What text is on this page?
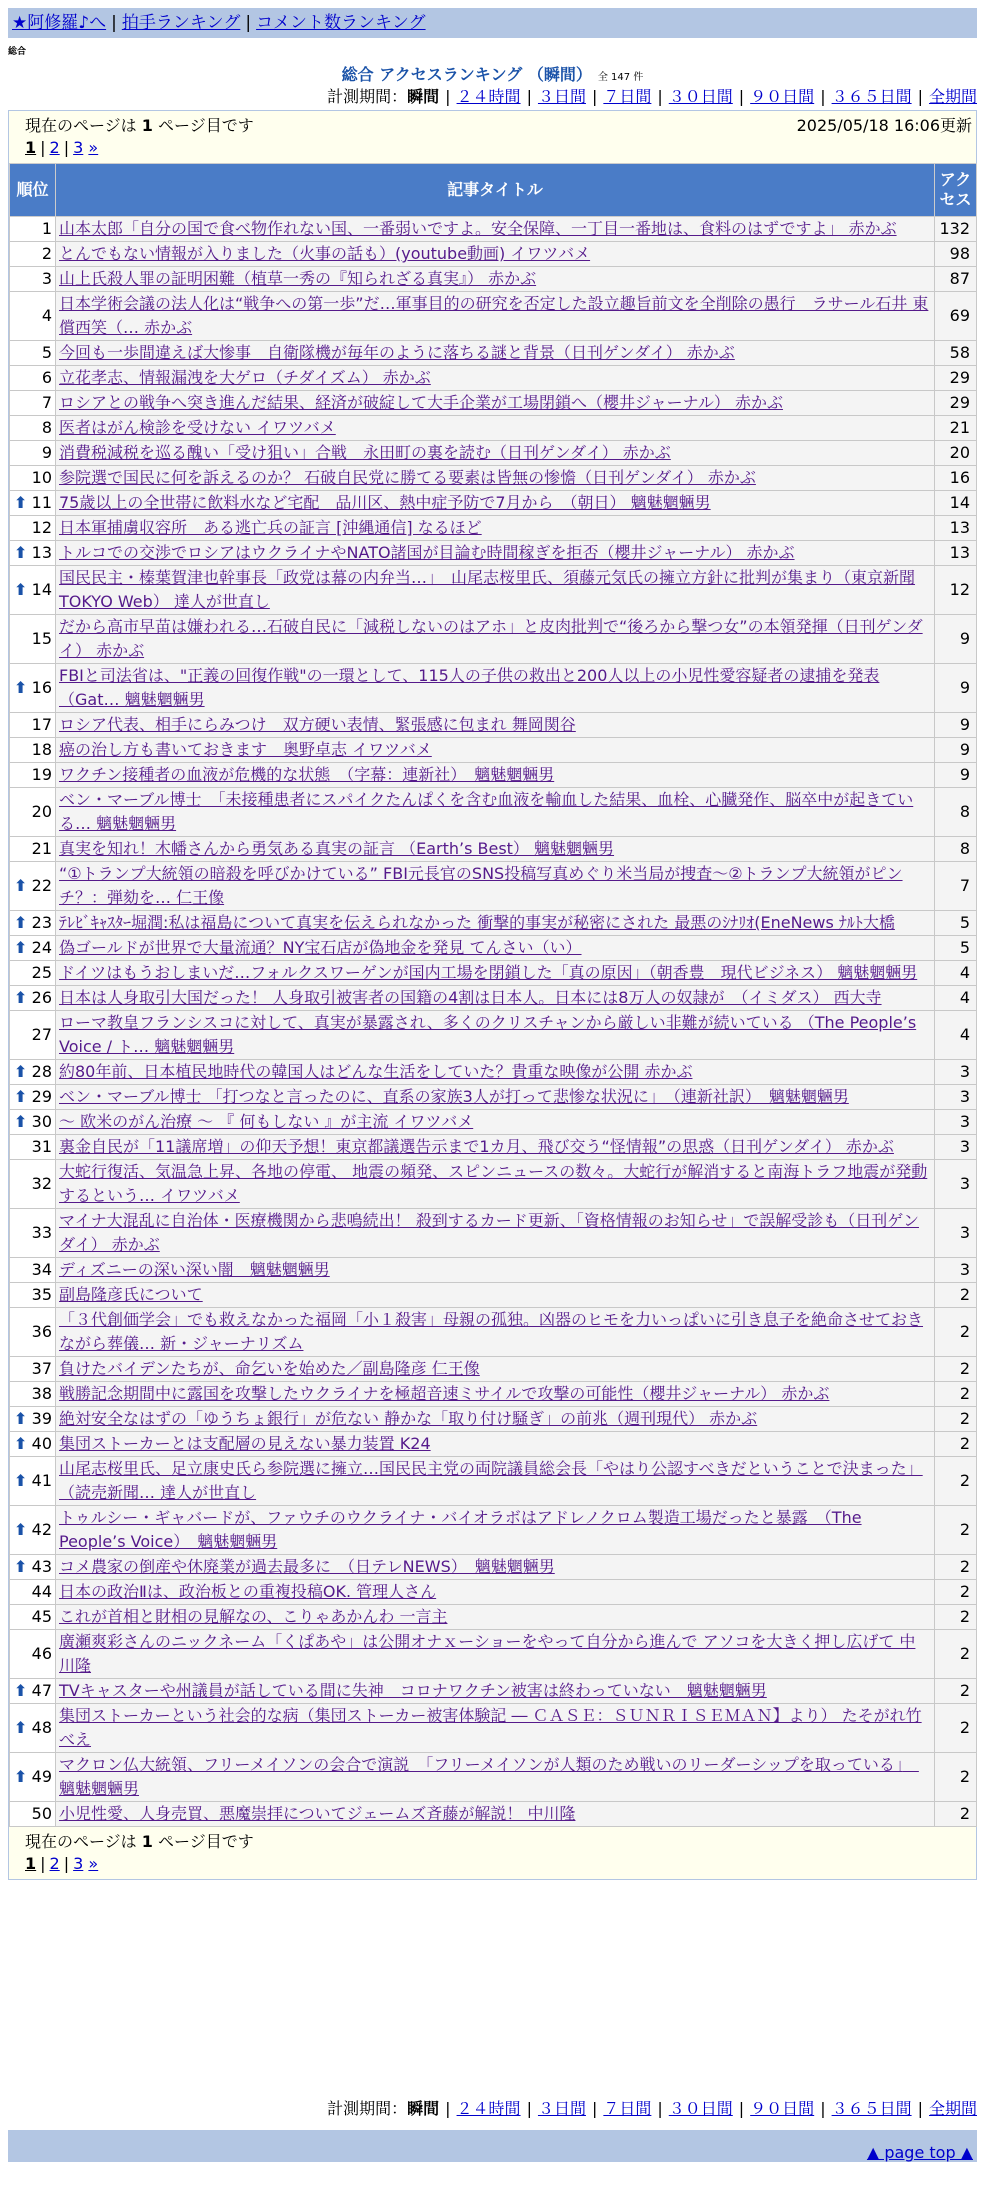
★阿修羅♪へ | 拍手ランキング | コメント数ランキング
総合
総合 アクセスランキング （瞬間） 全 147 件
計測期間：瞬間 | ２４時間 | ３日間 | ７日間 | ３０日間 | ９０日間 | ３６５日間 | 全期間
現在のページは 1 ページ目です	2025/05/18 16:06更新
1 | 2 | 3 »
順位	記事タイトル	アクセス
1	山本太郎「自分の国で食べ物作れない国、一番弱いですよ。安全保障、一丁目一番地は、食料のはずですよ」 赤かぶ	132
2	とんでもない情報が入りました（火事の話も）(youtube動画) イワツバメ	98
3	山上氏殺人罪の証明困難（植草一秀の『知られざる真実』） 赤かぶ	87
4	日本学術会議の法人化は“戦争への第一歩”だ…軍事目的の研究を否定した設立趣旨前文を全削除の愚行　ラサール石井 東償西笑（… 赤かぶ	69
5	今回も一歩間違えば大惨事　自衛隊機が毎年のように落ちる謎と背景（日刊ゲンダイ） 赤かぶ	58
6	立花孝志、情報漏洩を大ゲロ（チダイズム） 赤かぶ	29
7	ロシアとの戦争へ突き進んだ結果、経済が破綻して大手企業が工場閉鎖へ（櫻井ジャーナル） 赤かぶ	29
8	医者はがん検診を受けない イワツバメ	21
9	消費税減税を巡る醜い「受け狙い」合戦　永田町の裏を読む（日刊ゲンダイ） 赤かぶ	20
10	参院選で国民に何を訴えるのか？ 石破自民党に勝てる要素は皆無の惨憺（日刊ゲンダイ） 赤かぶ	16

⬆ 11	75歳以上の全世帯に飲料水など宅配　品川区、熱中症予防で7月から　（朝日） 魑魅魍魎男	14
12	日本軍捕虜収容所　ある逃亡兵の証言 [沖縄通信] なるほど	13

⬆ 13	トルコでの交渉でロシアはウクライナやNATO諸国が目論む時間稼ぎを拒否（櫻井ジャーナル） 赤かぶ	13

⬆ 14	国民民主・榛葉賀津也幹事長「政党は幕の内弁当…」　山尾志桜里氏、須藤元気氏の擁立方針に批判が集まり（東京新聞TOKYO Web） 達人が世直し	12
15	だから高市早苗は嫌われる…石破自民に「減税しないのはアホ」と皮肉批判で“後ろから撃つ女”の本領発揮（日刊ゲンダイ） 赤かぶ	9

⬆ 16	FBIと司法省は、"正義の回復作戦"の一環として、115人の子供の救出と200人以上の小児性愛容疑者の逮捕を発表（Gat… 魑魅魍魎男	9
17	ロシア代表、相手にらみつけ　双方硬い表情、緊張感に包まれ 舞岡関谷	9
18	癌の治し方も書いておきます　奥野卓志 イワツバメ	9
19	ワクチン接種者の血液が危機的な状態　（字幕：連新社）　魑魅魍魎男	9
20	ベン・マーブル博士　「未接種患者にスパイクたんぱくを含む血液を輸血した結果、血栓、心臓発作、脳卒中が起きている… 魑魅魍魎男	8
21	真実を知れ！木幡さんから勇気ある真実の証言 （Earth’s Best） 魑魅魍魎男	8

⬆ 22	“①トランプ大統領の暗殺を呼びかけている” FBI元長官のSNS投稿写真めぐり米当局が捜査～②トランプ大統領がピンチ？：弾劾を… 仁王像	7

⬆ 23	ﾃﾚﾋﾞｷｬｽﾀｰ堀潤:私は福島について真実を伝えられなかった 衝撃的事実が秘密にされた 最悪のｼﾅﾘｵ(EneNews ﾅﾙﾄ大橋	5

⬆ 24	偽ゴールドが世界で大量流通？NY宝石店が偽地金を発見 てんさい（い）	5
25	ドイツはもうおしまいだ…フォルクスワーゲンが国内工場を閉鎖した「真の原因」（朝香豊　現代ビジネス） 魑魅魍魎男	4

⬆ 26	日本は人身取引大国だった！ 人身取引被害者の国籍の4割は日本人。日本には8万人の奴隷が　（イミダス） 西大寺	4
27	ローマ教皇フランシスコに対して、真実が暴露され、多くのクリスチャンから厳しい非難が続いている （The People’s Voice / ト… 魑魅魍魎男	4

⬆ 28	約80年前、日本植民地時代の韓国人はどんな生活をしていた？貴重な映像が公開 赤かぶ	3

⬆ 29	ベン・マーブル博士 「打つなと言ったのに、直系の家族3人が打って悲惨な状況に」　（連新社訳）　魑魅魍魎男	3

⬆ 30	～ 欧米のがん治療 ～ 『 何もしない 』が主流 イワツバメ	3
31	裏金自民が「11議席増」の仰天予想！東京都議選告示まで1カ月、飛び交う“怪情報”の思惑（日刊ゲンダイ） 赤かぶ	3
32	大蛇行復活、気温急上昇、各地の停電、 地震の頻発、スピンニュースの数々。大蛇行が解消すると南海トラフ地震が発動するという… イワツバメ	3
33	マイナ大混乱に自治体・医療機関から悲鳴続出！ 殺到するカード更新、「資格情報のお知らせ」で誤解受診も（日刊ゲンダイ） 赤かぶ	3
34	ディズニーの深い深い闇　魑魅魍魎男	3
35	副島隆彦氏について	2
36	「３代創価学会」でも救えなかった福岡「小１殺害」母親の孤独。凶器のヒモを力いっぱいに引き息子を絶命させておきながら葬儀… 新・ジャーナリズム	2
37	負けたバイデンたちが、命乞いを始めた／副島隆彦 仁王像	2
38	戦勝記念期間中に露国を攻撃したウクライナを極超音速ミサイルで攻撃の可能性（櫻井ジャーナル） 赤かぶ	2

⬆ 39	絶対安全なはずの「ゆうちょ銀行」が危ない 静かな「取り付け騒ぎ」の前兆（週刊現代） 赤かぶ	2

⬆ 40	集団ストーカーとは支配層の見えない暴力装置 K24	2

⬆ 41	山尾志桜里氏、足立康史氏ら参院選に擁立…国民民主党の両院議員総会長「やはり公認すべきだということで決まった」（読売新聞… 達人が世直し	2

⬆ 42	トゥルシー・ギャバードが、ファウチのウクライナ・バイオラボはアドレノクロム製造工場だったと暴露　（The People’s Voice）　魑魅魍魎男	2

⬆ 43	コメ農家の倒産や休廃業が過去最多に　（日テレNEWS）　魑魅魍魎男	2
44	日本の政治Ⅱは、政治板との重複投稿OK. 管理人さん	2
45	これが首相と財相の見解なの、こりゃあかんわ 一言主	2
46	廣瀬爽彩さんのニックネーム「くぱあや」は公開オナｘーショーをやって自分から進んで アソコを大きく押し広げて 中川隆	2

⬆ 47	TVキャスターや州議員が話している間に失神　コロナワクチン被害は終わっていない　魑魅魍魎男	2

⬆ 48	集団ストーカーという社会的な病（集団ストーカー被害体験記 ― ＣＡＳＥ：ＳＵＮＲＩＳＥＭＡＮ】より） たそがれ竹べえ	2

⬆ 49	マクロン仏大統領、フリーメイソンの会合で演説　「フリーメイソンが人類のため戦いのリーダーシップを取っている」　魑魅魍魎男	2
50	小児性愛、人身売買、悪魔崇拝についてジェームズ斉藤が解説！ 中川隆	2
現在のページは 1 ページ目です
1 | 2 | 3 »
計測期間：瞬間 | ２４時間 | ３日間 | ７日間 | ３０日間 | ９０日間 | ３６５日間 | 全期間
▲ page top ▲
